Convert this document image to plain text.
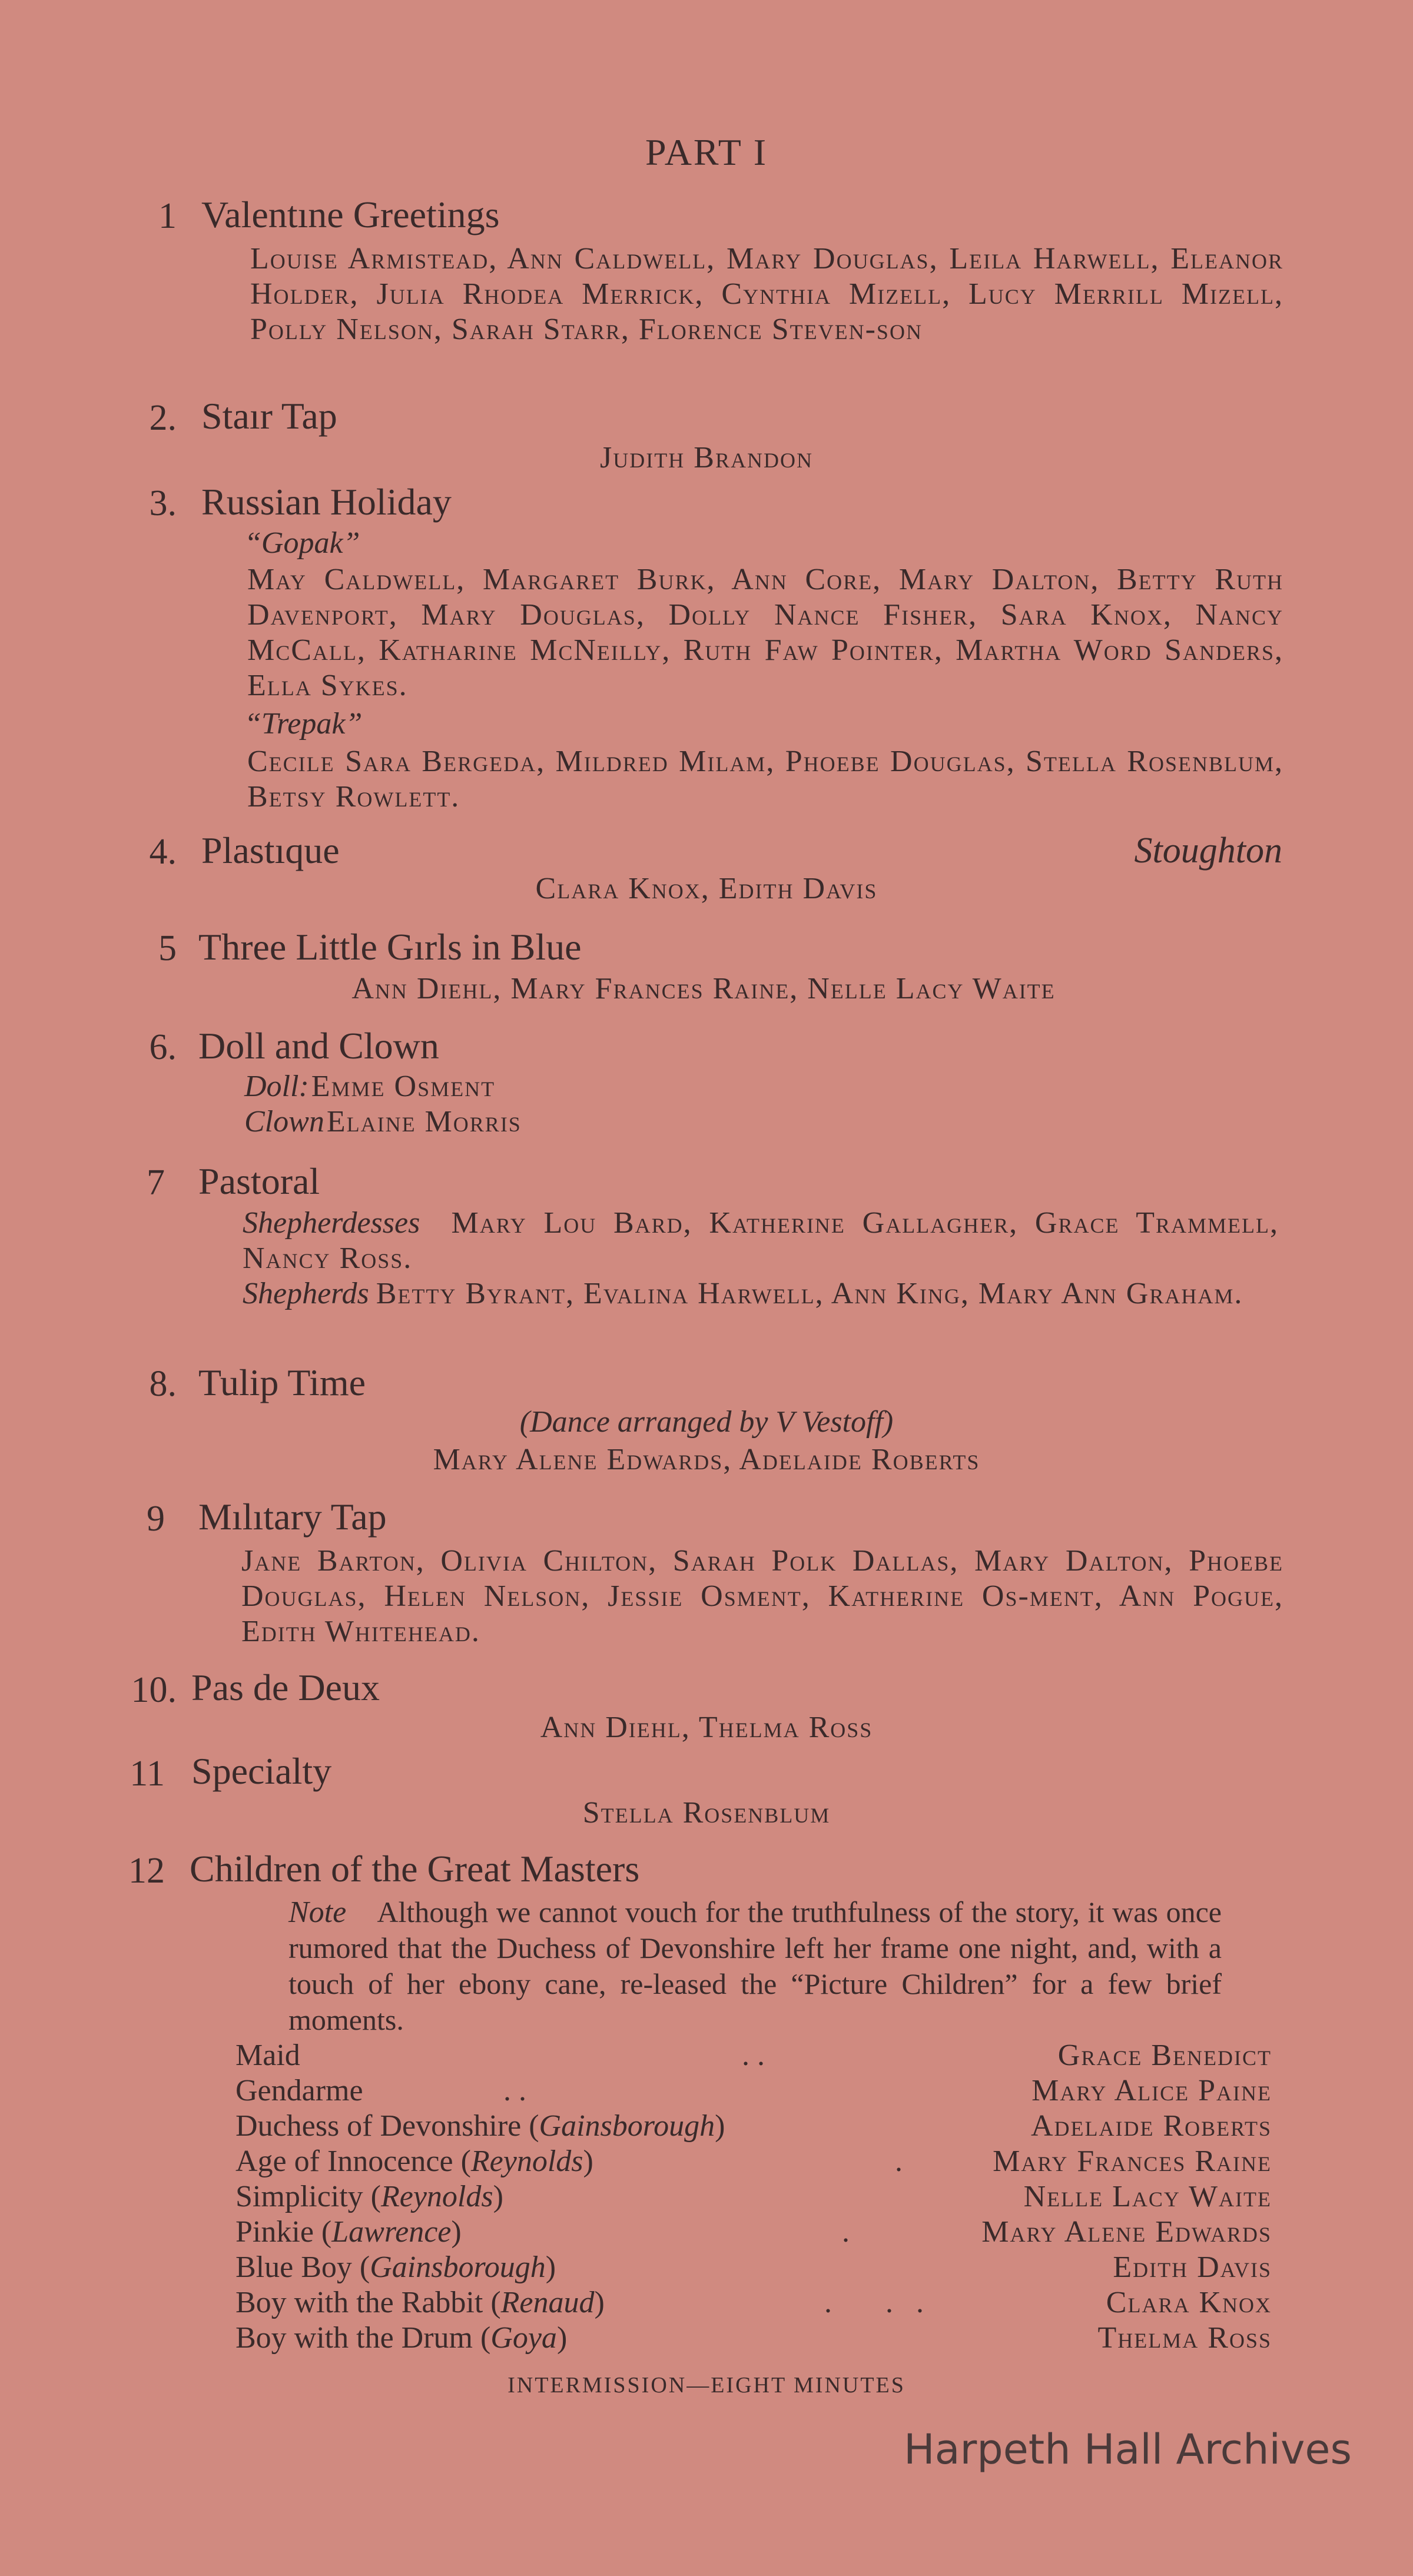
PART I
1 Valentıne Greetings
Louise Armistead, Ann Caldwell, Mary Douglas, Leila Harwell, Eleanor Holder, Julia Rhodea Merrick, Cynthia Mizell, Lucy Merrill Mizell, Polly Nelson, Sarah Starr, Florence Steven-son
2. Staır Tap
Judith Brandon
3. Russian Holiday
“Gopak”
May Caldwell, Margaret Burk, Ann Core, Mary Dalton, Betty Ruth Davenport, Mary Douglas, Dolly Nance Fisher, Sara Knox, Nancy McCall, Katharine McNeilly, Ruth Faw Pointer, Martha Word Sanders, Ella Sykes.
“Trepak”
Cecile Sara Bergeda, Mildred Milam, Phoebe Douglas, Stella Rosenblum, Betsy Rowlett.
4. Plastıque	Stoughton
Clara Knox, Edith Davis
5 Three Little Gırls in Blue
Ann Diehl, Mary Frances Raine, Nelle Lacy Waite
6. Doll and Clown
Doll: Emme Osment
Clown Elaine Morris
7 Pastoral
Shepherdesses Mary Lou Bard, Katherine Gallagher, Grace Trammell, Nancy Ross.
Shepherds Betty Byrant, Evalina Harwell, Ann King, Mary Ann Graham.
8. Tulip Time
(Dance arranged by V Vestoff)
Mary Alene Edwards, Adelaide Roberts
9 Mılıtary Tap
Jane Barton, Olivia Chilton, Sarah Polk Dallas, Mary Dalton, Phoebe Douglas, Helen Nelson, Jessie Osment, Katherine Os-ment, Ann Pogue, Edith Whitehead.
10. Pas de Deux
Ann Diehl, Thelma Ross
11 Specialty
Stella Rosenblum
12 Children of the Great Masters
Note Although we cannot vouch for the truthfulness of the story, it was once rumored that the Duchess of Devonshire left her frame one night, and, with a touch of her ebony cane, re-leased the “Picture Children” for a few brief moments.
Maid	. .	Grace Benedict
Gendarme	. .	Mary Alice Paine
Duchess of Devonshire (Gainsborough)	Adelaide Roberts
Age of Innocence (Reynolds)	.	Mary Frances Raine
Simplicity (Reynolds)	Nelle Lacy Waite
Pinkie (Lawrence)	.	Mary Alene Edwards
Blue Boy (Gainsborough)	Edith Davis
Boy with the Rabbit (Renaud)	.       .   .	Clara Knox
Boy with the Drum (Goya)	Thelma Ross
INTERMISSION—EIGHT MINUTES
Harpeth Hall Archives
